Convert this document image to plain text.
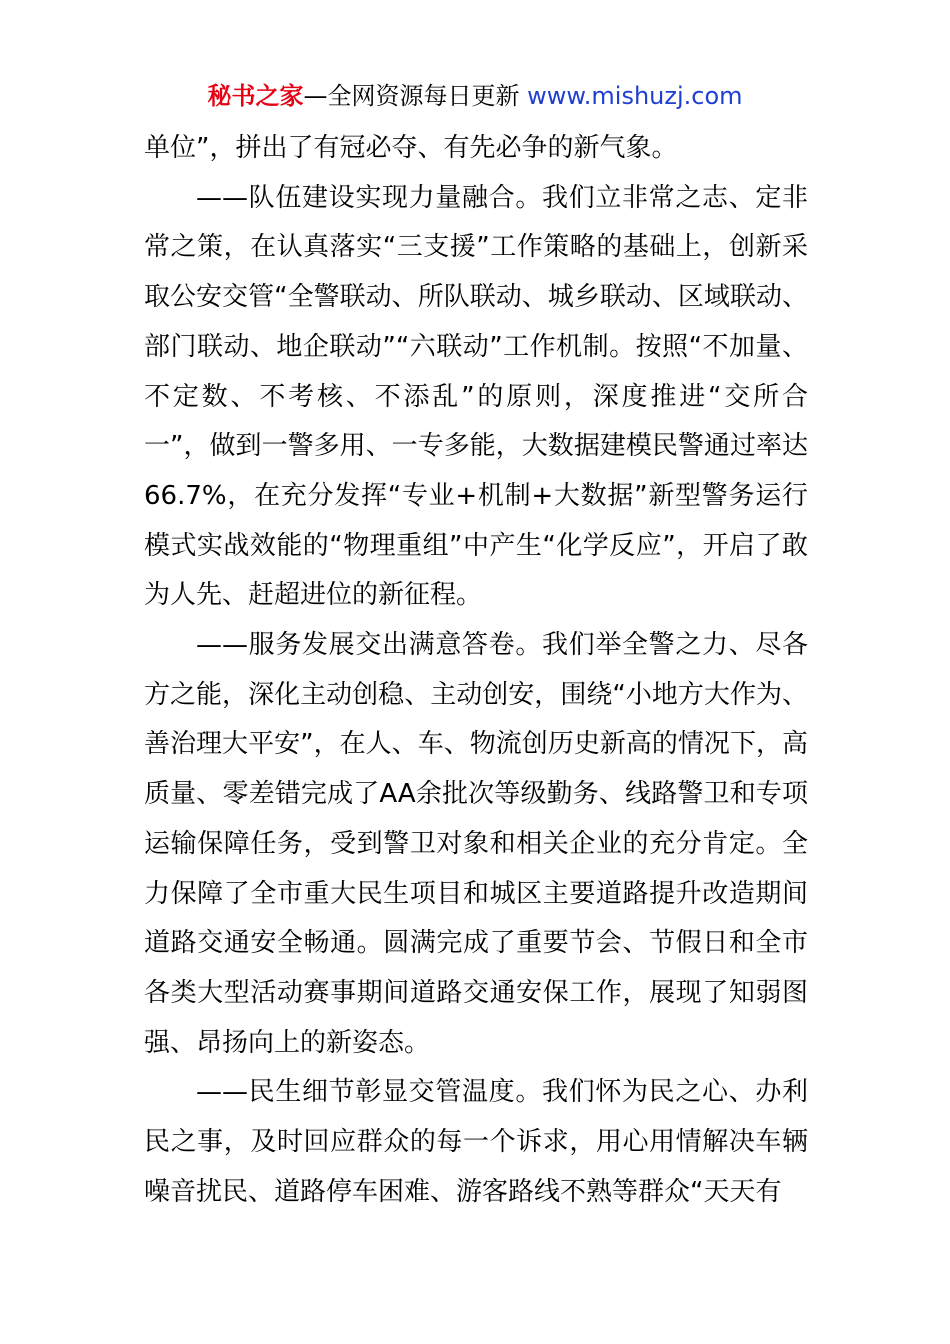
秘书之家—全网资源每日更新 www.mishuzj.com

单位”，拼出了有冠必夺、有先必争的新气象。

——队伍建设实现力量融合。我们立非常之志、定非常之策，在认真落实“三支援”工作策略的基础上，创新采取公安交管“全警联动、所队联动、城乡联动、区域联动、部门联动、地企联动”“六联动”工作机制。按照“不加量、不定数、不考核、不添乱”的原则，深度推进“交所合一”，做到一警多用、一专多能，大数据建模民警通过率达66.7%，在充分发挥“专业+机制+大数据”新型警务运行模式实战效能的“物理重组”中产生“化学反应”，开启了敢为人先、赶超进位的新征程。

——服务发展交出满意答卷。我们举全警之力、尽各方之能，深化主动创稳、主动创安，围绕“小地方大作为、善治理大平安”，在人、车、物流创历史新高的情况下，高质量、零差错完成了AA余批次等级勤务、线路警卫和专项运输保障任务，受到警卫对象和相关企业的充分肯定。全力保障了全市重大民生项目和城区主要道路提升改造期间道路交通安全畅通。圆满完成了重要节会、节假日和全市各类大型活动赛事期间道路交通安保工作，展现了知弱图强、昂扬向上的新姿态。

——民生细节彰显交管温度。我们怀为民之心、办利民之事，及时回应群众的每一个诉求，用心用情解决车辆噪音扰民、道路停车困难、游客路线不熟等群众“天天有
